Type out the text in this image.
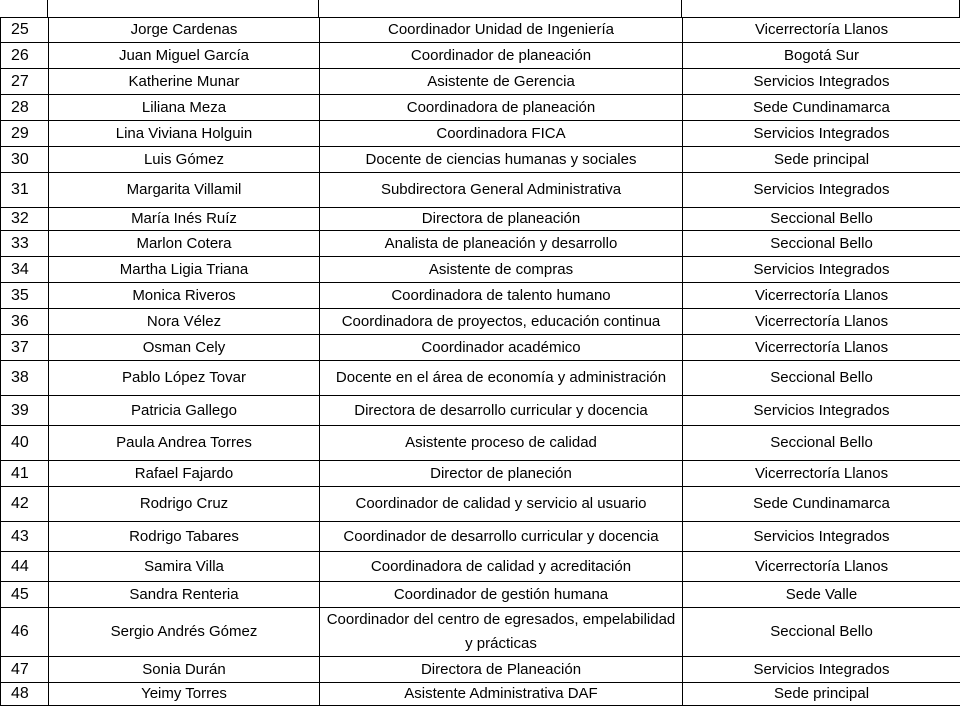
25	Jorge Cardenas	Coordinador Unidad de Ingeniería	Vicerrectoría Llanos
26	Juan Miguel García	Coordinador de planeación	Bogotá Sur
27	Katherine Munar	Asistente de Gerencia	Servicios Integrados
28	Liliana Meza	Coordinadora de planeación	Sede Cundinamarca
29	Lina Viviana Holguin	Coordinadora FICA	Servicios Integrados
30	Luis Gómez	Docente de ciencias humanas y sociales	Sede principal
31	Margarita Villamil	Subdirectora General Administrativa	Servicios Integrados
32	María Inés Ruíz	Directora de planeación	Seccional Bello
33	Marlon Cotera	Analista de planeación y desarrollo	Seccional Bello
34	Martha Ligia Triana	Asistente de compras	Servicios Integrados
35	Monica Riveros	Coordinadora de talento humano	Vicerrectoría Llanos
36	Nora Vélez	Coordinadora de proyectos, educación continua	Vicerrectoría Llanos
37	Osman Cely	Coordinador académico	Vicerrectoría Llanos
38	Pablo López Tovar	Docente en el área de economía y administración	Seccional Bello
39	Patricia Gallego	Directora de desarrollo curricular y docencia	Servicios Integrados
40	Paula Andrea Torres	Asistente proceso de calidad	Seccional Bello
41	Rafael Fajardo	Director de planeción	Vicerrectoría Llanos
42	Rodrigo Cruz	Coordinador de calidad y servicio al usuario	Sede Cundinamarca
43	Rodrigo Tabares	Coordinador de desarrollo curricular y docencia	Servicios Integrados
44	Samira Villa	Coordinadora de calidad y acreditación	Vicerrectoría Llanos
45	Sandra Renteria	Coordinador de gestión humana	Sede Valle
46	Sergio Andrés Gómez	Coordinador del centro de egresados, empelabilidad y prácticas	Seccional Bello
47	Sonia Durán	Directora de Planeación	Servicios Integrados
48	Yeimy Torres	Asistente Administrativa DAF	Sede principal
